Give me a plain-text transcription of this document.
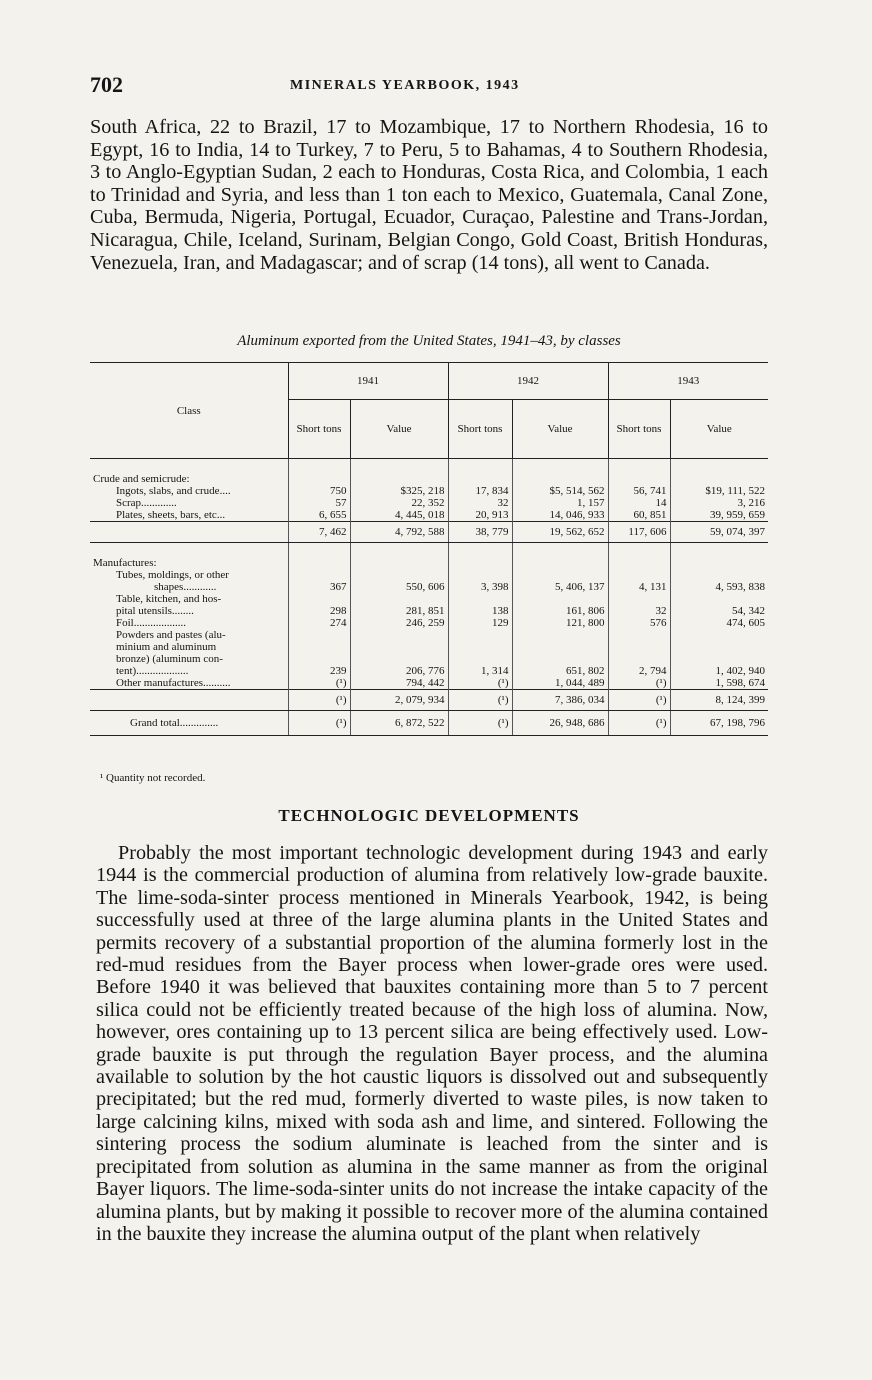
702	MINERALS YEARBOOK, 1943

South Africa, 22 to Brazil, 17 to Mozambique, 17 to Northern Rhodesia, 16 to Egypt, 16 to India, 14 to Turkey, 7 to Peru, 5 to Bahamas, 4 to Southern Rhodesia, 3 to Anglo-Egyptian Sudan, 2 each to Honduras, Costa Rica, and Colombia, 1 each to Trinidad and Syria, and less than 1 ton each to Mexico, Guatemala, Canal Zone, Cuba, Bermuda, Nigeria, Portugal, Ecuador, Curaçao, Palestine and Trans-Jordan, Nicaragua, Chile, Iceland, Surinam, Belgian Congo, Gold Coast, British Honduras, Venezuela, Iran, and Madagascar; and of scrap (14 tons), all went to Canada.

Aluminum exported from the United States, 1941–43, by classes

Class	1941		1942		1943	
	Short tons	Value	Short tons	Value	Short tons	Value
Crude and semicrude:						
Ingots, slabs, and crude....	750	$325, 218	17, 834	$5, 514, 562	56, 741	$19, 111, 522
Scrap.............	57	22, 352	32	1, 157	14	3, 216
Plates, sheets, bars, etc...	6, 655	4, 445, 018	20, 913	14, 046, 933	60, 851	39, 959, 659
	7, 462	4, 792, 588	38, 779	19, 562, 652	117, 606	59, 074, 397
Manufactures:						
Tubes, moldings, or other
shapes............	367	550, 606	3, 398	5, 406, 137	4, 131	4, 593, 838
Table, kitchen, and hos-
pital utensils........	298	281, 851	138	161, 806	32	54, 342
Foil...................	274	246, 259	129	121, 800	576	474, 605
Powders and pastes (alu-
minium and aluminum
bronze) (aluminum con-
tent)...................	239	206, 776	1, 314	651, 802	2, 794	1, 402, 940
Other manufactures..........	(¹)	794, 442	(¹)	1, 044, 489	(¹)	1, 598, 674
	(¹)	2, 079, 934	(¹)	7, 386, 034	(¹)	8, 124, 399
Grand total..............	(¹)	6, 872, 522	(¹)	26, 948, 686	(¹)	67, 198, 796

¹ Quantity not recorded.

TECHNOLOGIC DEVELOPMENTS

Probably the most important technologic development during 1943 and early 1944 is the commercial production of alumina from relatively low-grade bauxite. The lime-soda-sinter process mentioned in Minerals Yearbook, 1942, is being successfully used at three of the large alumina plants in the United States and permits recovery of a substantial proportion of the alumina formerly lost in the red-mud residues from the Bayer process when lower-grade ores were used. Before 1940 it was believed that bauxites containing more than 5 to 7 percent silica could not be efficiently treated because of the high loss of alumina. Now, however, ores containing up to 13 percent silica are being effectively used. Low-grade bauxite is put through the regulation Bayer process, and the alumina available to solution by the hot caustic liquors is dissolved out and subsequently precipitated; but the red mud, formerly diverted to waste piles, is now taken to large calcining kilns, mixed with soda ash and lime, and sintered. Following the sintering process the sodium aluminate is leached from the sinter and is precipitated from solution as alumina in the same manner as from the original Bayer liquors. The lime-soda-sinter units do not increase the intake capacity of the alumina plants, but by making it possible to recover more of the alumina contained in the bauxite they increase the alumina output of the plant when relatively
